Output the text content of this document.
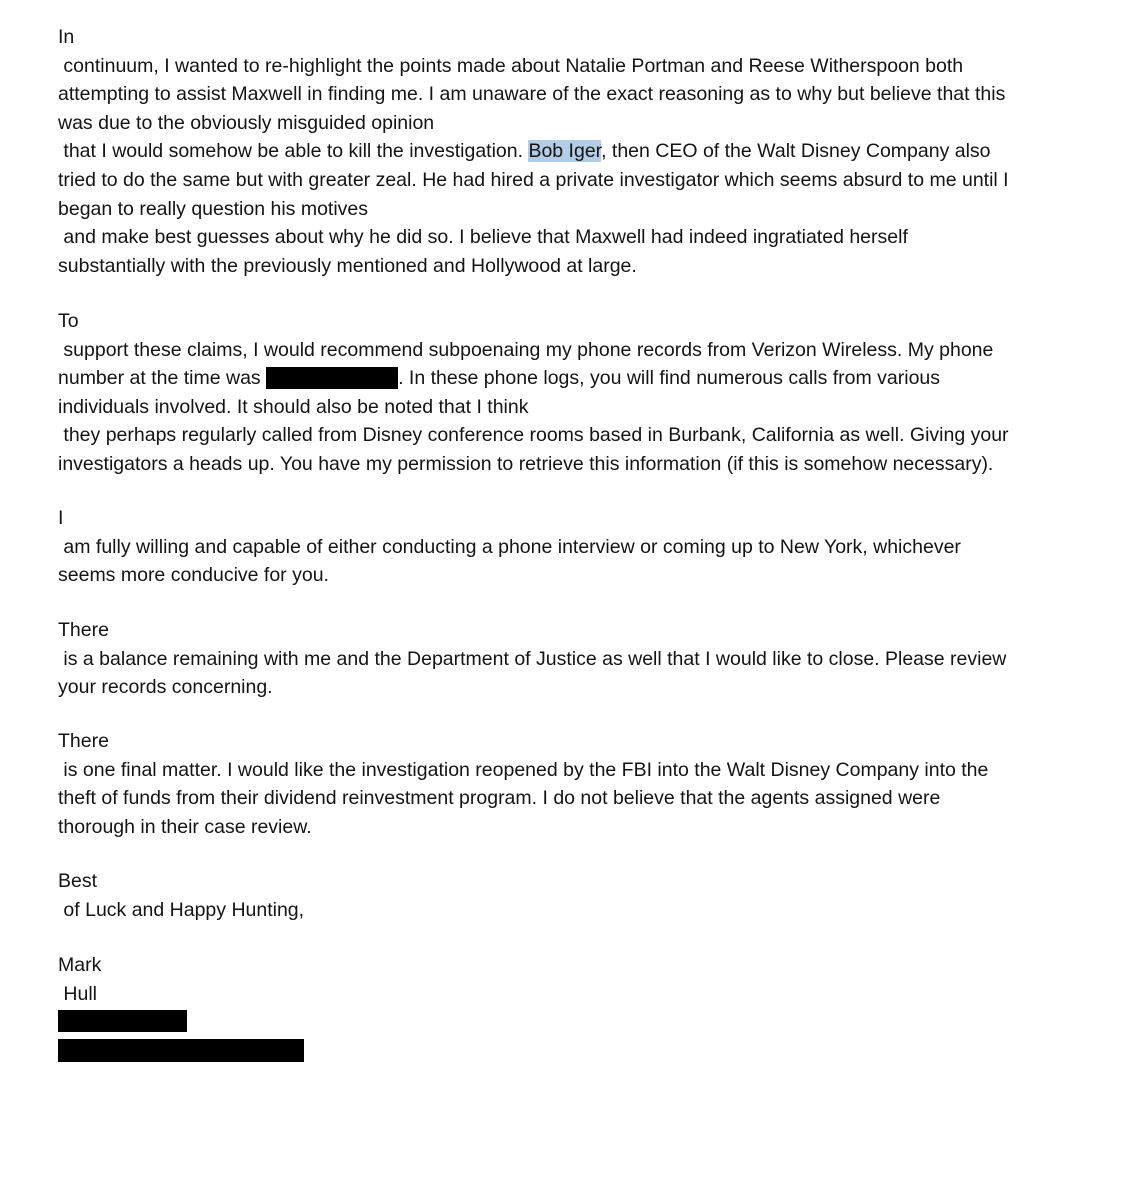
In
continuum, I wanted to re-highlight the points made about Natalie Portman and Reese Witherspoon both
attempting to assist Maxwell in finding me. I am unaware of the exact reasoning as to why but believe that this
was due to the obviously misguided opinion
that I would somehow be able to kill the investigation. Bob Iger, then CEO of the Walt Disney Company also
tried to do the same but with greater zeal. He had hired a private investigator which seems absurd to me until I
began to really question his motives
and make best guesses about why he did so. I believe that Maxwell had indeed ingratiated herself
substantially with the previously mentioned and Hollywood at large.
To
support these claims, I would recommend subpoenaing my phone records from Verizon Wireless. My phone
number at the time was	. In these phone logs, you will find numerous calls from various
individuals involved. It should also be noted that I think
they perhaps regularly called from Disney conference rooms based in Burbank, California as well. Giving your
investigators a heads up. You have my permission to retrieve this information (if this is somehow necessary).
I
am fully willing and capable of either conducting a phone interview or coming up to New York, whichever
seems more conducive for you.
There
is a balance remaining with me and the Department of Justice as well that I would like to close. Please review
your records concerning.
There
is one final matter. I would like the investigation reopened by the FBI into the Walt Disney Company into the
theft of funds from their dividend reinvestment program. I do not believe that the agents assigned were
thorough in their case review.
Best
of Luck and Happy Hunting,
Mark
Hull
